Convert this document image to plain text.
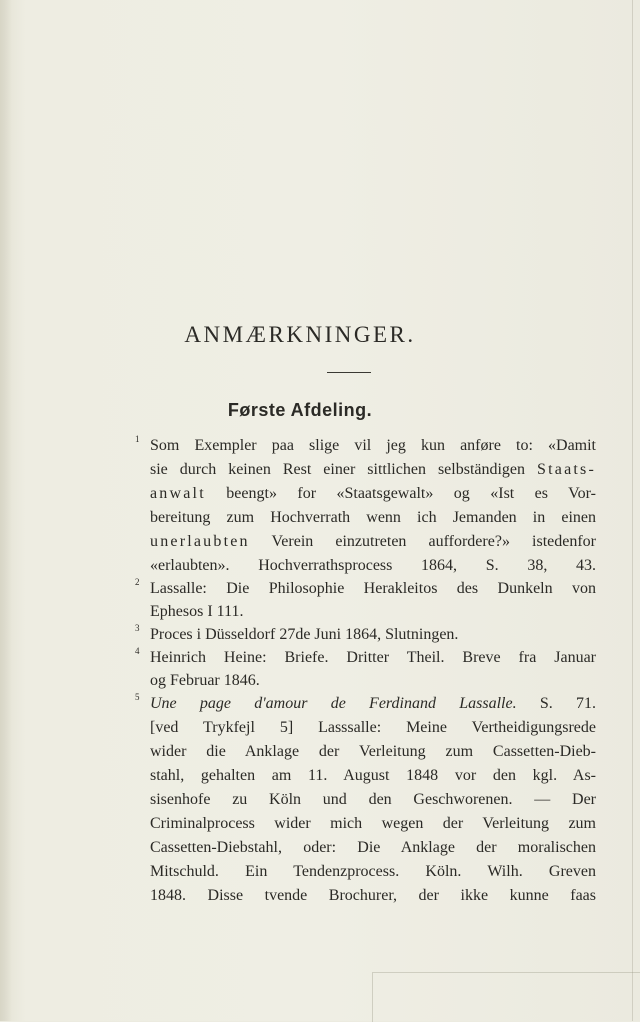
ANMÆRKNINGER.
Første Afdeling.
1 Som Exempler paa slige vil jeg kun anføre to: «Damit
sie durch keinen Rest einer sittlichen selbständigen Staats-
anwalt beengt» for «Staatsgewalt» og «Ist es Vor-
bereitung zum Hochverrath wenn ich Jemanden in einen
unerlaubten Verein einzutreten auffordere?» istedenfor
«erlaubten». Hochverrathsprocess 1864, S. 38, 43.
2 Lassalle: Die Philosophie Herakleitos des Dunkeln von
Ephesos I 111.
3 Proces i Düsseldorf 27de Juni 1864, Slutningen.
4 Heinrich Heine: Briefe. Dritter Theil. Breve fra Januar
og Februar 1846.
5 Une page d'amour de Ferdinand Lassalle. S. 71.
[ved Trykfejl 5] Lasssalle: Meine Vertheidigungsrede
wider die Anklage der Verleitung zum Cassetten-Dieb-
stahl, gehalten am 11. August 1848 vor den kgl. As-
sisenhofe zu Köln und den Geschworenen. — Der
Criminalprocess wider mich wegen der Verleitung zum
Cassetten-Diebstahl, oder: Die Anklage der moralischen
Mitschuld. Ein Tendenzprocess. Köln. Wilh. Greven
1848. Disse tvende Brochurer, der ikke kunne faas
